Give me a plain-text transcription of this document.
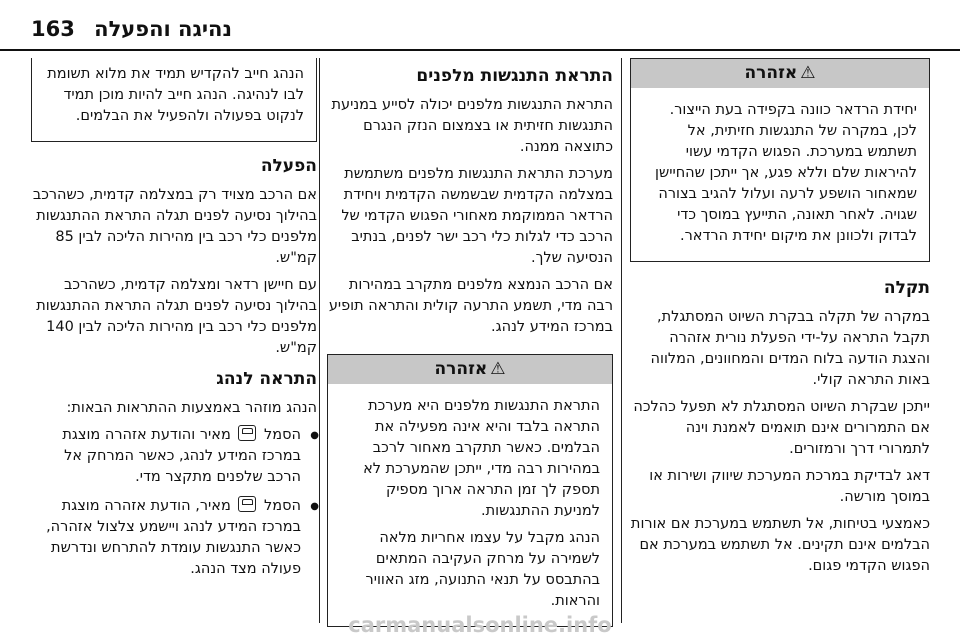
163 נהיגה והפעלה
⚠אזהרה

יחידת הרדאר כוונה בקפידה בעת הייצור. לכן, במקרה של התנגשות חזיתית, אל תשתמש במערכת. הפגוש הקדמי עשוי להיראות שלם וללא פגע, אך ייתכן שהחיישן שמאחור הושפע לרעה ועלול להגיב בצורה שגויה. לאחר תאונה, התייעץ במוסך כדי לבדוק ולכוונן את מיקום יחידת הרדאר.

תקלה

במקרה של תקלה בבקרת השיוט המסתגלת, תקבל התראה על-ידי הפעלת נורית אזהרה והצגת הודעה בלוח המדים והמחוונים, המלווה באות התראה קולי.

ייתכן שבקרת השיוט המסתגלת לא תפעל כהלכה אם התמרורים אינם תואמים לאמנת וינה לתמרורי דרך ורמזורים.

דאג לבדיקת במרכת המערכת שיווק ושירות או במוסך מורשה.

כאמצעי בטיחות, אל תשתמש במערכת אם אורות הבלמים אינם תקינים. אל תשתמש במערכת אם הפגוש הקדמי פגום.

התראת התנגשות מלפנים

התראת התנגשות מלפנים יכולה לסייע במניעת התנגשות חזיתית או בצמצום הנזק הנגרם כתוצאה ממנה.

מערכת התראת התנגשות מלפנים משתמשת במצלמה הקדמית שבשמשה הקדמית ויחידת הרדאר הממוקמת מאחורי הפגוש הקדמי של הרכב כדי לגלות כלי רכב ישר לפנים, בנתיב הנסיעה שלך.

אם הרכב הנמצא מלפנים מתקרב במהירות רבה מדי, תשמע התרעה קולית והתראה תופיע במרכז המידע לנהג.

⚠אזהרה

התראת התנגשות מלפנים היא מערכת התראה בלבד והיא אינה מפעילה את הבלמים. כאשר תתקרב מאחור לרכב במהירות רבה מדי, ייתכן שהמערכת לא תספק לך זמן התראה ארוך מספיק למניעת ההתנגשות.

הנהג מקבל על עצמו אחריות מלאה לשמירה על מרחק העקיבה המתאים בהתבסס על תנאי התנועה, מזג האוויר והראות.

הנהג חייב להקדיש תמיד את מלוא תשומת לבו לנהיגה. הנהג חייב להיות מוכן תמיד לנקוט בפעולה ולהפעיל את הבלמים.

הפעלה

אם הרכב מצויד רק במצלמה קדמית, כשהרכב בהילוך נסיעה לפנים תגלה התראת ההתנגשות מלפנים כלי רכב בין מהירות הליכה לבין 85 קמ"ש.

עם חיישן רדאר ומצלמה קדמית, כשהרכב בהילוך נסיעה לפנים תגלה התראת ההתנגשות מלפנים כלי רכב בין מהירות הליכה לבין 140 קמ"ש.

התראה לנהג

הנהג מוזהר באמצעות ההתראות הבאות:

● הסמל  מאיר והודעת אזהרה מוצגת במרכז המידע לנהג, כאשר המרחק אל הרכב שלפנים מתקצר מדי.
● הסמל  מאיר, הודעת אזהרה מוצגת במרכז המידע לנהג ויישמע צלצול אזהרה, כאשר התנגשות עומדת להתרחש ונדרשת פעולה מצד הנהג.
carmanualsonline.info
